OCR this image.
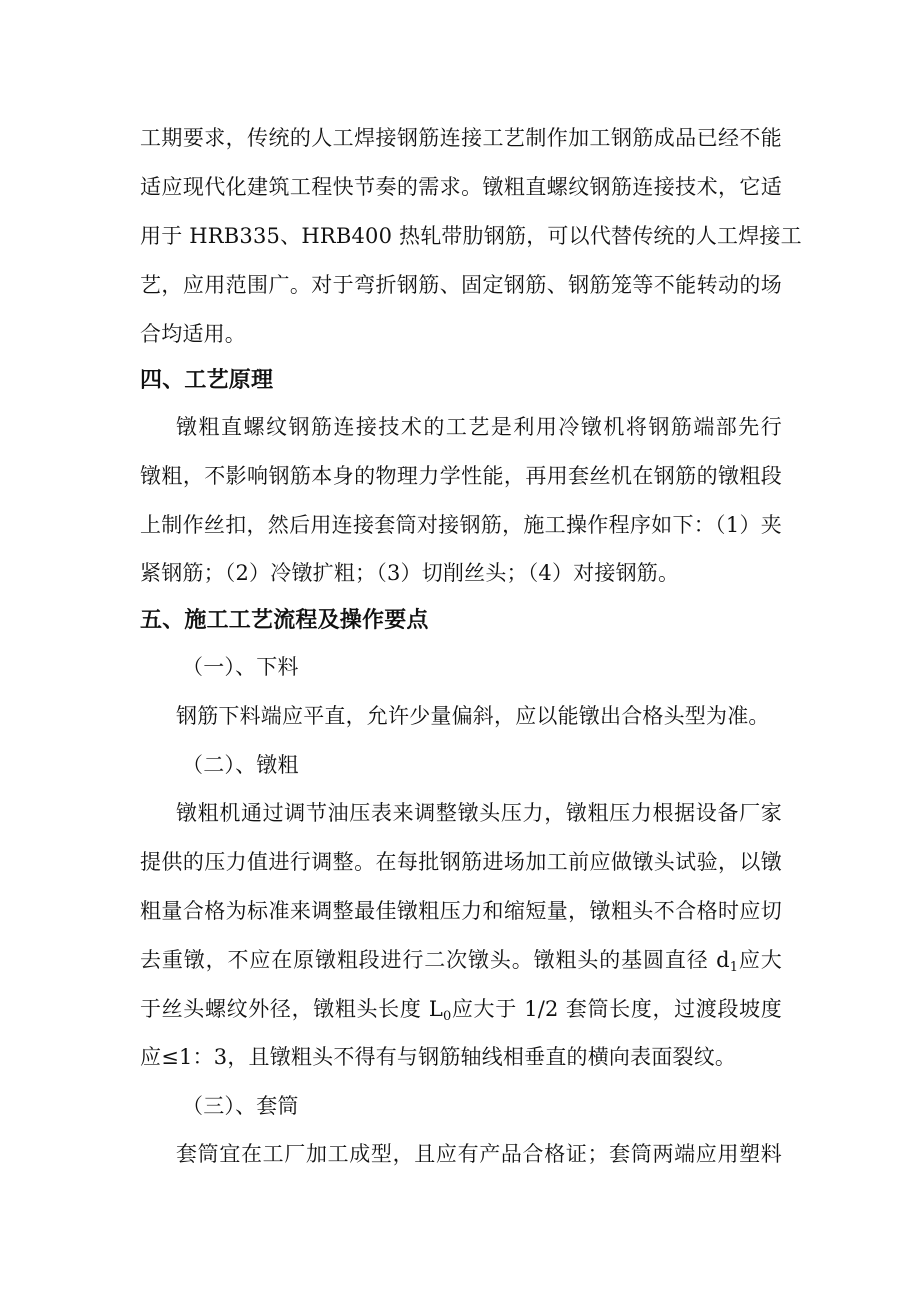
工期要求，传统的人工焊接钢筋连接工艺制作加工钢筋成品已经不能
适应现代化建筑工程快节奏的需求。镦粗直螺纹钢筋连接技术，它适
用于 HRB335、HRB400 热轧带肋钢筋，可以代替传统的人工焊接工
艺，应用范围广。对于弯折钢筋、固定钢筋、钢筋笼等不能转动的场
合均适用。
四、工艺原理
镦粗直螺纹钢筋连接技术的工艺是利用冷镦机将钢筋端部先行
镦粗，不影响钢筋本身的物理力学性能，再用套丝机在钢筋的镦粗段
上制作丝扣，然后用连接套筒对接钢筋，施工操作程序如下：（1）夹
紧钢筋；（2）冷镦扩粗；（3）切削丝头；（4）对接钢筋。
五、施工工艺流程及操作要点
（一）、下料
钢筋下料端应平直，允许少量偏斜，应以能镦出合格头型为准。
（二）、镦粗
镦粗机通过调节油压表来调整镦头压力，镦粗压力根据设备厂家
提供的压力值进行调整。在每批钢筋进场加工前应做镦头试验，以镦
粗量合格为标准来调整最佳镦粗压力和缩短量，镦粗头不合格时应切
去重镦，不应在原镦粗段进行二次镦头。镦粗头的基圆直径 $d_1$应大
于丝头螺纹外径，镦粗头长度 $L_0$应大于 1/2 套筒长度，过渡段坡度
应≤1：3，且镦粗头不得有与钢筋轴线相垂直的横向表面裂纹。
（三）、套筒
套筒宜在工厂加工成型，且应有产品合格证；套筒两端应用塑料
